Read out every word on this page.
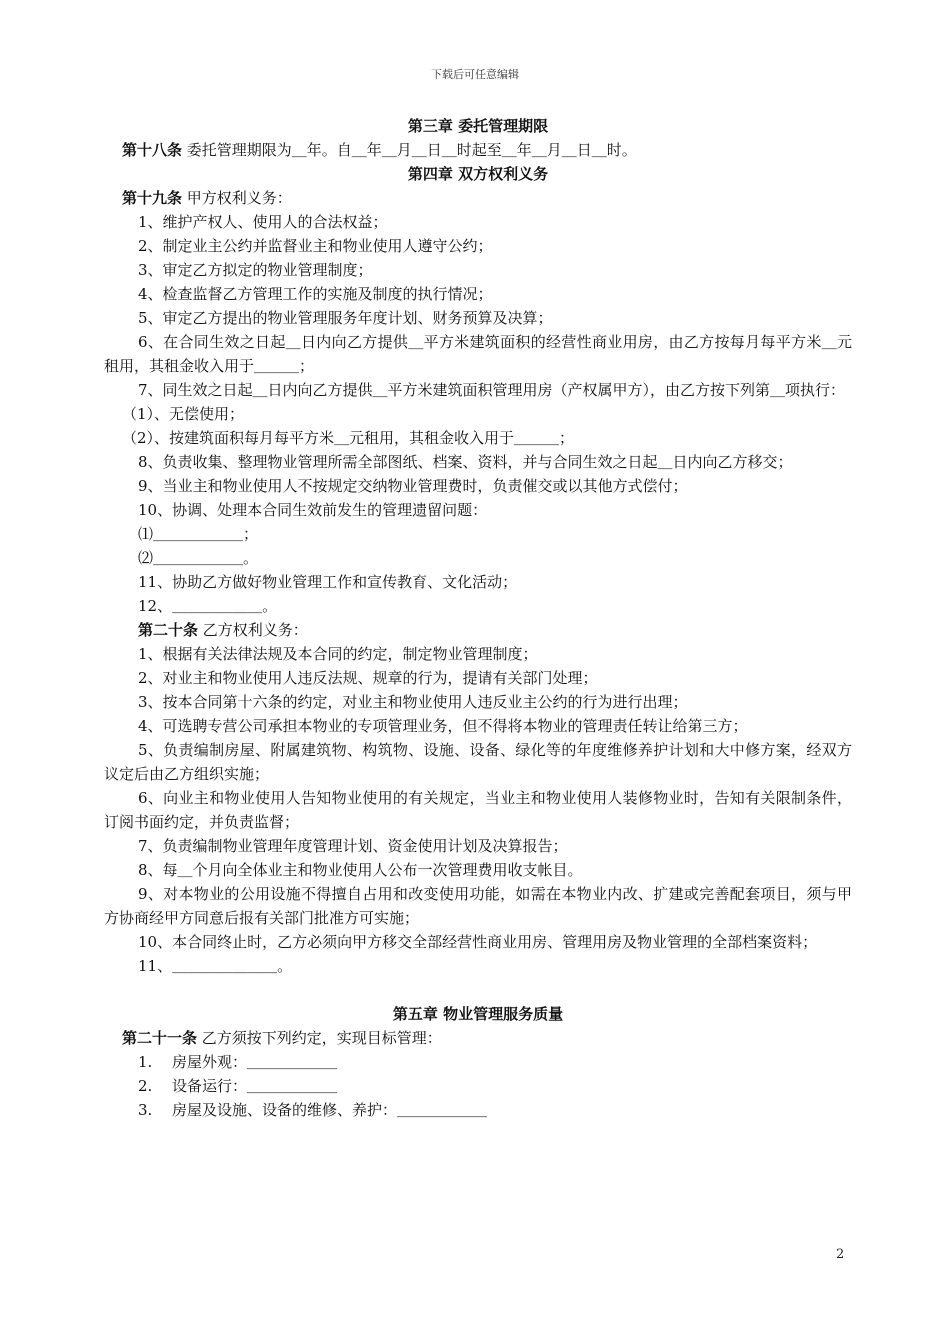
下载后可任意编辑

第三章 委托管理期限

第十八条 委托管理期限为＿年。自＿年＿月＿日＿时起至＿年＿月＿日＿时。

第四章 双方权利义务

第十九条 甲方权利义务：

1、维护产权人、使用人的合法权益；

2、制定业主公约并监督业主和物业使用人遵守公约；

3、审定乙方拟定的物业管理制度；

4、检查监督乙方管理工作的实施及制度的执行情况；

5、审定乙方提出的物业管理服务年度计划、财务预算及决算；

6、在合同生效之日起＿日内向乙方提供＿平方米建筑面积的经营性商业用房，由乙方按每月每平方米＿元租用，其租金收入用于＿＿＿；

7、同生效之日起＿日内向乙方提供＿平方米建筑面积管理用房（产权属甲方），由乙方按下列第＿项执行：

（1）、无偿使用；

（2）、按建筑面积每月每平方米＿元租用，其租金收入用于＿＿＿；

8、负责收集、整理物业管理所需全部图纸、档案、资料，并与合同生效之日起＿日内向乙方移交；

9、当业主和物业使用人不按规定交纳物业管理费时，负责催交或以其他方式偿付；

10、协调、处理本合同生效前发生的管理遗留问题：

⑴＿＿＿＿＿＿；

⑵＿＿＿＿＿＿。

11、协助乙方做好物业管理工作和宣传教育、文化活动；

12、＿＿＿＿＿＿。

第二十条 乙方权利义务：

1、根据有关法律法规及本合同的约定，制定物业管理制度；

2、对业主和物业使用人违反法规、规章的行为，提请有关部门处理；

3、按本合同第十六条的约定，对业主和物业使用人违反业主公约的行为进行出理；

4、可选聘专营公司承担本物业的专项管理业务，但不得将本物业的管理责任转让给第三方；

5、负责编制房屋、附属建筑物、构筑物、设施、设备、绿化等的年度维修养护计划和大中修方案，经双方议定后由乙方组织实施；

6、向业主和物业使用人告知物业使用的有关规定，当业主和物业使用人装修物业时，告知有关限制条件，订阅书面约定，并负责监督；

7、负责编制物业管理年度管理计划、资金使用计划及决算报告；

8、每＿个月向全体业主和物业使用人公布一次管理费用收支帐目。

9、对本物业的公用设施不得擅自占用和改变使用功能，如需在本物业内改、扩建或完善配套项目，须与甲方协商经甲方同意后报有关部门批准方可实施；

10、本合同终止时，乙方必须向甲方移交全部经营性商业用房、管理用房及物业管理的全部档案资料；

11、＿＿＿＿＿＿＿。

第五章 物业管理服务质量

第二十一条 乙方须按下列约定，实现目标管理：

1. 房屋外观：＿＿＿＿＿＿

2. 设备运行：＿＿＿＿＿＿

3. 房屋及设施、设备的维修、养护：＿＿＿＿＿＿

2
